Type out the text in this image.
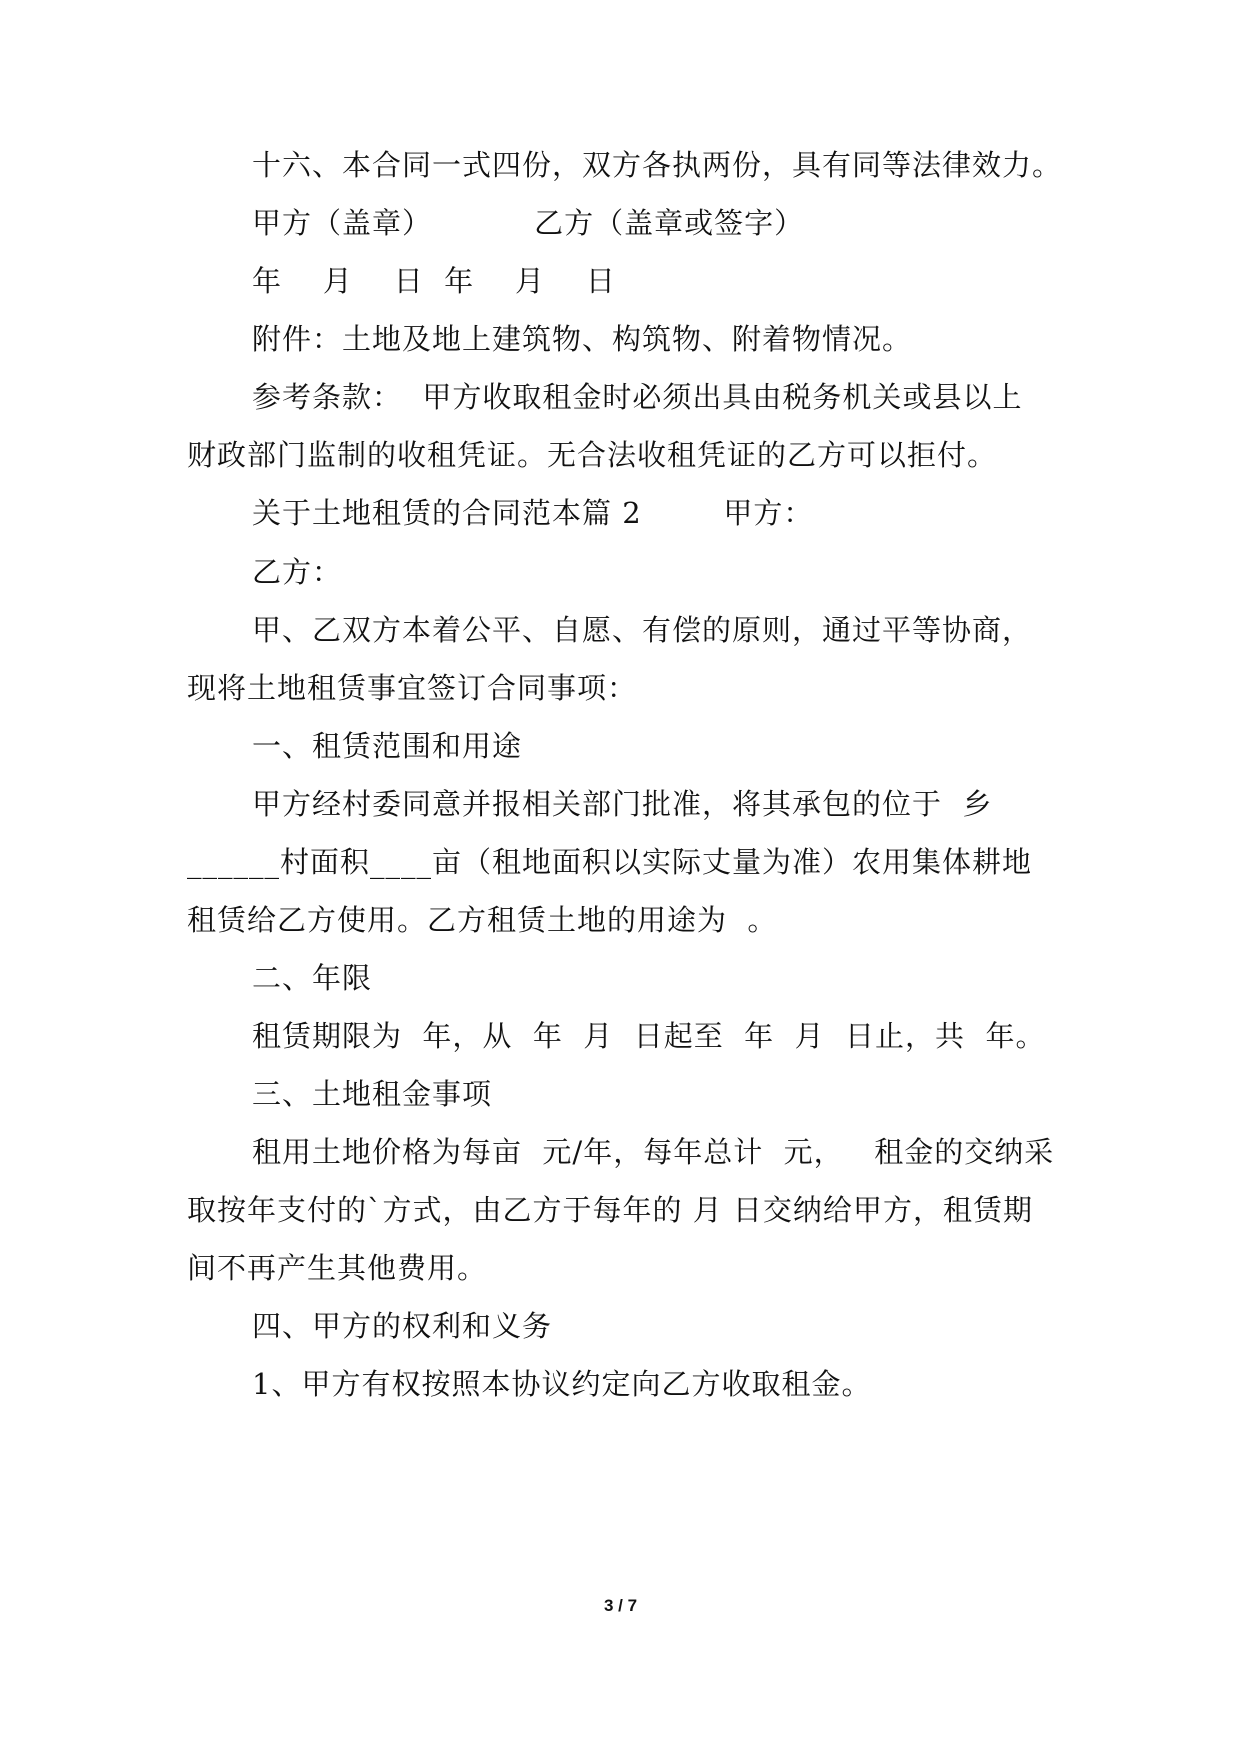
十六、本合同一式四份，双方各执两份，具有同等法律效力。
甲方（盖章）          乙方（盖章或签字）
年    月    日  年    月    日
附件：土地及地上建筑物、构筑物、附着物情况。
参考条款：  甲方收取租金时必须出具由税务机关或县以上
财政部门监制的收租凭证。无合法收租凭证的乙方可以拒付。
关于土地租赁的合同范本篇 2        甲方：
乙方：
甲、乙双方本着公平、自愿、有偿的原则，通过平等协商，
现将土地租赁事宜签订合同事项：
一、租赁范围和用途
甲方经村委同意并报相关部门批准，将其承包的位于  乡
______村面积____亩（租地面积以实际丈量为准）农用集体耕地
租赁给乙方使用。乙方租赁土地的用途为  。
二、年限
租赁期限为  年，从  年  月  日起至  年  月  日止，共  年。
三、土地租金事项
租用土地价格为每亩  元/年，每年总计  元，   租金的交纳采
取按年支付的`方式，由乙方于每年的 月 日交纳给甲方，租赁期
间不再产生其他费用。
四、甲方的权利和义务
1、甲方有权按照本协议约定向乙方收取租金。
3 / 7
